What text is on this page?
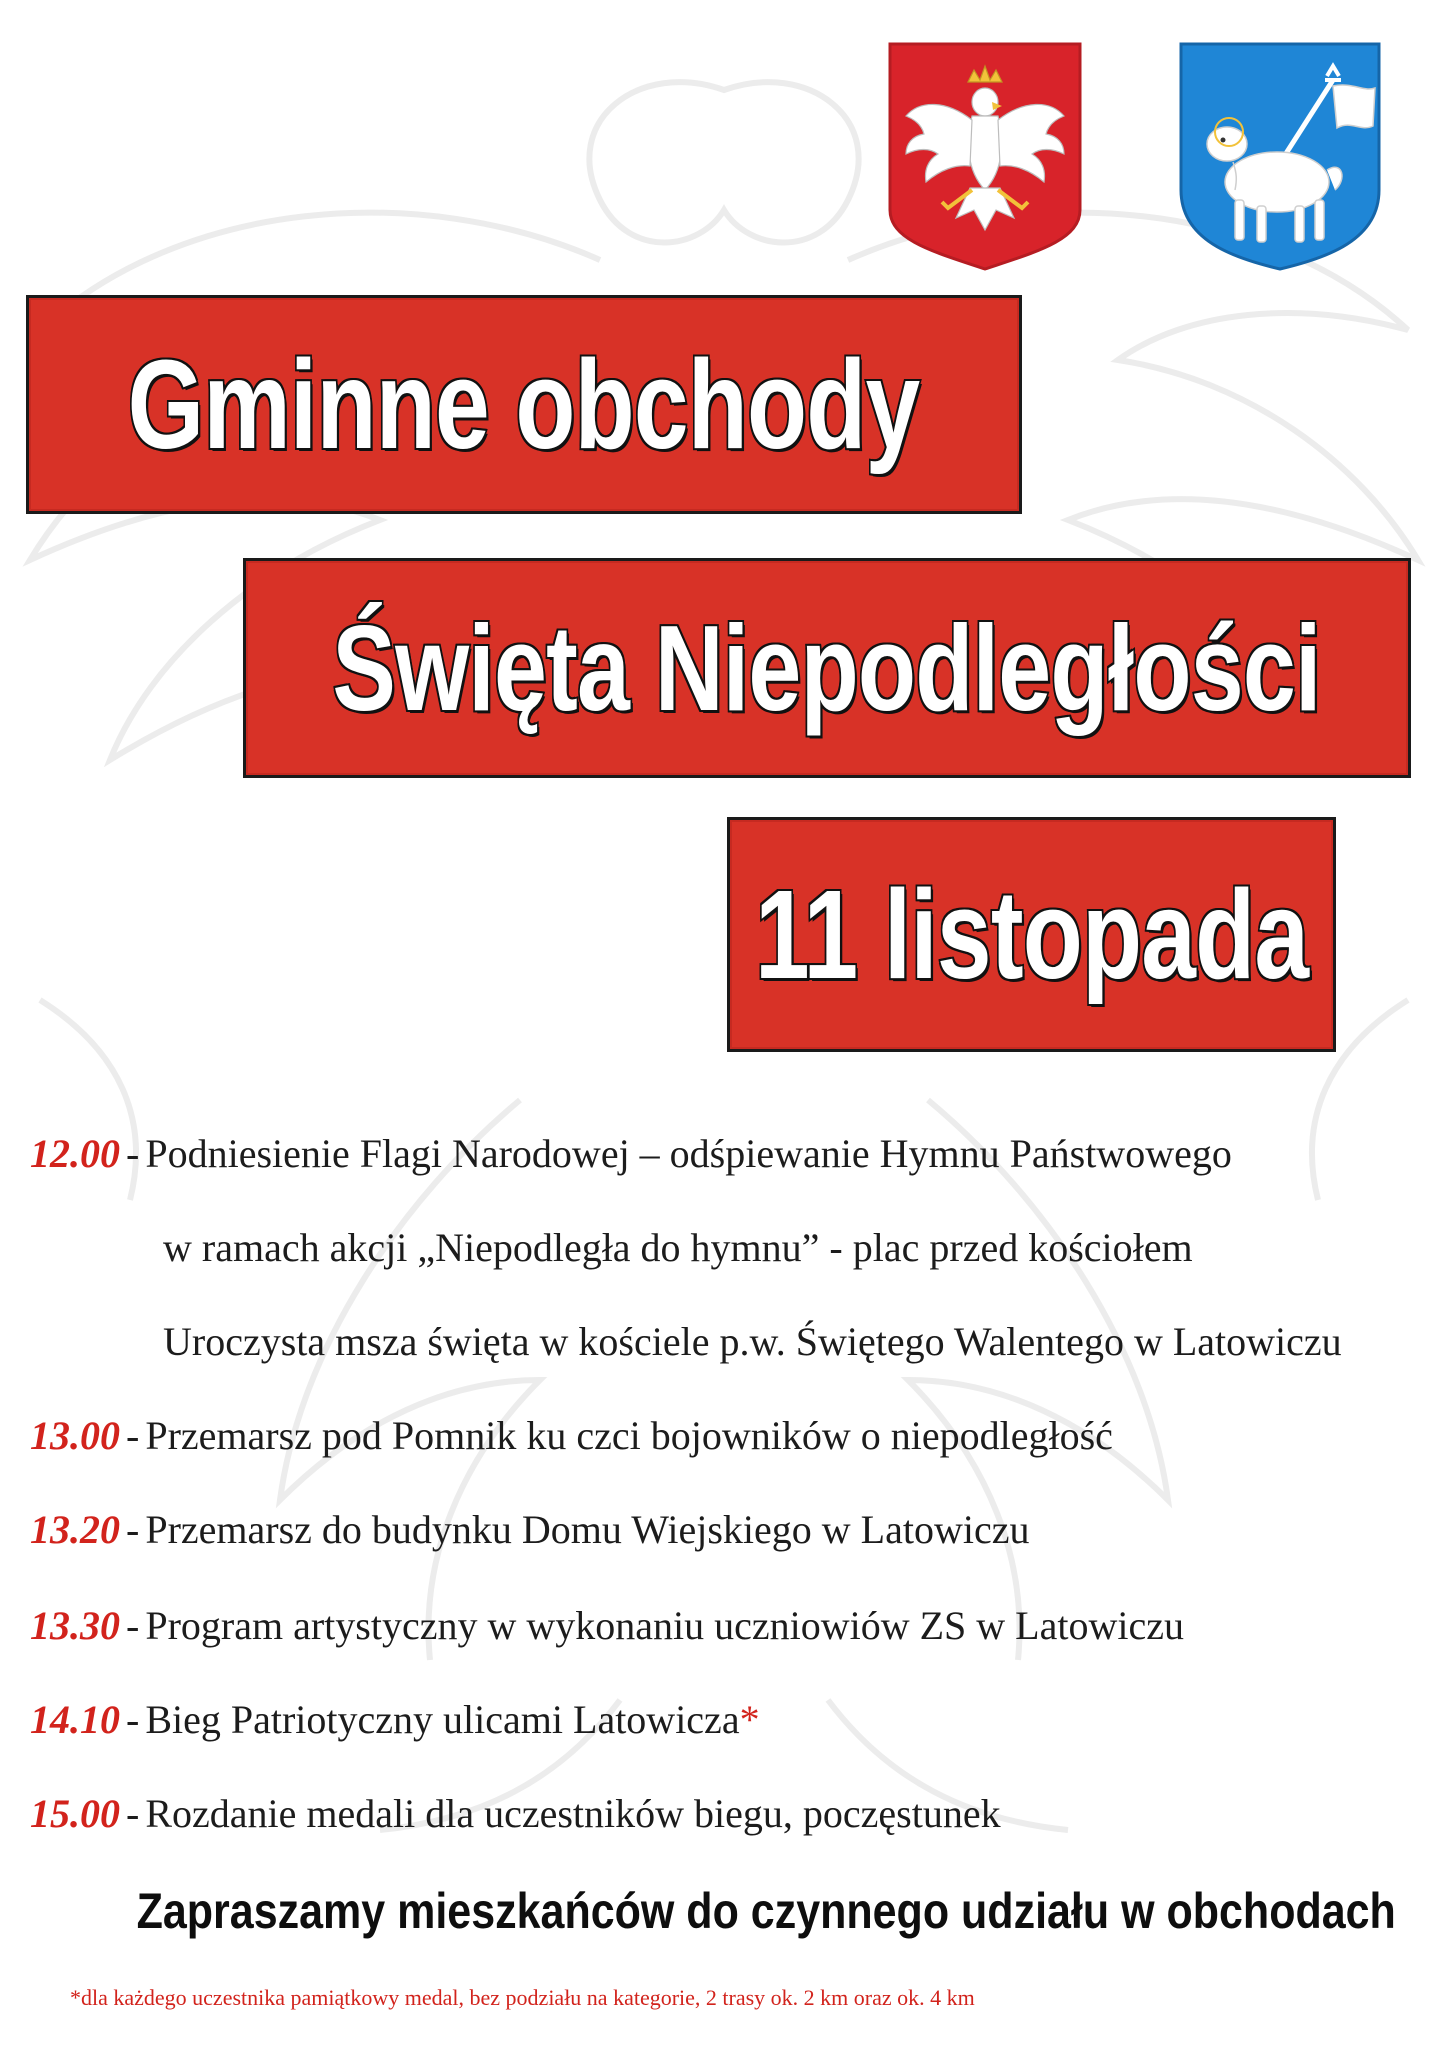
Gminne obchody
Święta Niepodległości
11 listopada
12.00 - Podniesienie Flagi Narodowej – odśpiewanie Hymnu Państwowego
w ramach akcji „Niepodległa do hymnu” - plac przed kościołem
Uroczysta msza święta w kościele p.w. Świętego Walentego w Latowiczu
13.00 - Przemarsz pod Pomnik ku czci bojowników o niepodległość
13.20 - Przemarsz do budynku Domu Wiejskiego w Latowiczu
13.30 - Program artystyczny w wykonaniu uczniowiów ZS w Latowiczu
14.10 - Bieg Patriotyczny ulicami Latowicza*
15.00 - Rozdanie medali dla uczestników biegu, poczęstunek
Zapraszamy mieszkańców do czynnego udziału w obchodach
*dla każdego uczestnika pamiątkowy medal, bez podziału na kategorie, 2 trasy ok. 2 km oraz ok. 4 km
